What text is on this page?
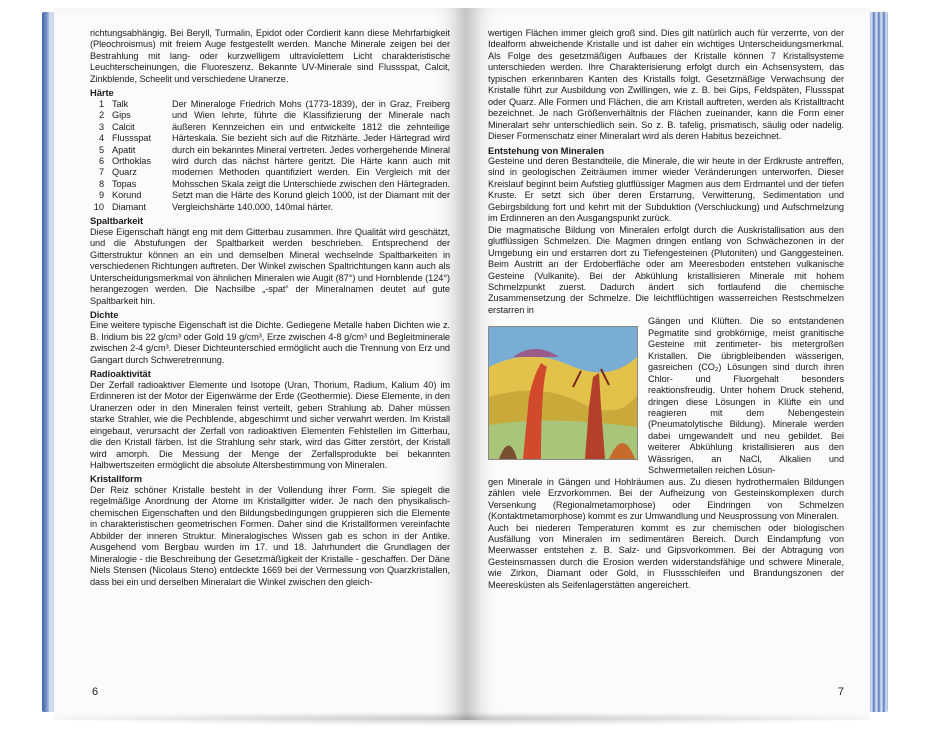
richtungsabhängig. Bei Beryll, Turmalin, Epidot oder Cordierit kann diese Mehrfarbigkeit (Pleochroismus) mit freiem Auge festgestellt werden. Manche Minerale zeigen bei der Bestrahlung mit lang- oder kurzwelligem ultraviolettem Licht charakteristische Leuchterscheinungen, die Fluoreszenz. Bekannte UV-Minerale sind Flussspat, Calcit, Zinkblende, Scheelit und verschiedene Uranerze.

Härte
1 Talk
2 Gips
3 Calcit
4 Flussspat
5 Apatit
6 Orthoklas
7 Quarz
8 Topas
9 Korund
10 Diamant

Der Mineraloge Friedrich Mohs (1773-1839), der in Graz, Freiberg und Wien lehrte, führte die Klassifizierung der Minerale nach äußeren Kennzeichen ein und entwickelte 1812 die zehnteilige Härteskala. Sie bezieht sich auf die Ritzhärte. Jeder Härtegrad wird durch ein bekanntes Mineral vertreten. Jedes vorhergehende Mineral wird durch das nächst härtere geritzt. Die Härte kann auch mit modernen Methoden quantifiziert werden. Ein Vergleich mit der Mohsschen Skala zeigt die Unterschiede zwischen den Härtegraden. Setzt man die Härte des Korund gleich 1000, ist der Diamant mit der Vergleichshärte 140.000, 140mal härter.

Spaltbarkeit

Diese Eigenschaft hängt eng mit dem Gitterbau zusammen. Ihre Qualität wird geschätzt, und die Abstufungen der Spaltbarkeit werden beschrieben. Entsprechend der Gitterstruktur können an ein und demselben Mineral wechselnde Spaltbarkeiten in verschiedenen Richtungen auftreten. Der Winkel zwischen Spaltrichtungen kann auch als Unterscheidungsmerkmal von ähnlichen Mineralen wie Augit (87°) und Hornblende (124°) herangezogen werden. Die Nachsilbe „-spat“ der Mineralnamen deutet auf gute Spaltbarkeit hin.

Dichte

Eine weitere typische Eigenschaft ist die Dichte. Gediegene Metalle haben Dichten wie z. B. Iridium bis 22 g/cm³ oder Gold 19 g/cm³, Erze zwischen 4-8 g/cm³ und Begleitminerale zwischen 2-4 g/cm³. Dieser Dichteunterschied ermöglicht auch die Trennung von Erz und Gangart durch Schweretrennung.

Radioaktivität

Der Zerfall radioaktiver Elemente und Isotope (Uran, Thorium, Radium, Kalium 40) im Erdinneren ist der Motor der Eigenwärme der Erde (Geothermie). Diese Elemente, in den Uranerzen oder in den Mineralen feinst verteilt, geben Strahlung ab. Daher müssen starke Strahler, wie die Pechblende, abgeschirmt und sicher verwahrt werden. Im Kristall eingebaut, verursacht der Zerfall von radioaktiven Elementen Fehlstellen im Gitterbau, die den Kristall färben. Ist die Strahlung sehr stark, wird das Gitter zerstört, der Kristall wird amorph. Die Messung der Menge der Zerfallsprodukte bei bekannten Halbwertszeiten ermöglicht die absolute Altersbestimmung von Mineralen.

Kristallform

Der Reiz schöner Kristalle besteht in der Vollendung ihrer Form. Sie spiegelt die regelmäßige Anordnung der Atome im Kristallgitter wider. Je nach den physikalisch-chemischen Eigenschaften und den Bildungsbedingungen gruppieren sich die Elemente in charakteristischen geometrischen Formen. Daher sind die Kristallformen vereinfachte Abbilder der inneren Struktur. Mineralogisches Wissen gab es schon in der Antike. Ausgehend vom Bergbau wurden im 17. und 18. Jahrhundert die Grundlagen der Mineralogie - die Beschreibung der Gesetzmäßigkeit der Kristalle - geschaffen. Der Däne Niels Stensen (Nicolaus Steno) entdeckte 1669 bei der Vermessung von Quarzkristallen, dass bei ein und derselben Mineralart die Winkel zwischen den gleich-

6

wertigen Flächen immer gleich groß sind. Dies gilt natürlich auch für verzerrte, von der Idealform abweichende Kristalle und ist daher ein wichtiges Unterscheidungsmerkmal. Als Folge des gesetzmäßigen Aufbaues der Kristalle können 7 Kristallsysteme unterschieden werden. Ihre Charakterisierung erfolgt durch ein Achsensystem, das typischen erkennbaren Kanten des Kristalls folgt. Gesetzmäßige Verwachsung der Kristalle führt zur Ausbildung von Zwillingen, wie z. B. bei Gips, Feldspäten, Flussspat oder Quarz. Alle Formen und Flächen, die am Kristall auftreten, werden als Kristalltracht bezeichnet. Je nach Größenverhältnis der Flächen zueinander, kann die Form einer Mineralart sehr unterschiedlich sein. So z. B. tafelig, prismatisch, säulig oder nadelig. Dieser Formenschatz einer Mineralart wird als deren Habitus bezeichnet.

Entstehung von Mineralen

Gesteine und deren Bestandteile, die Minerale, die wir heute in der Erdkruste antreffen, sind in geologischen Zeiträumen immer wieder Veränderungen unterworfen. Dieser Kreislauf beginnt beim Aufstieg glutflüssiger Magmen aus dem Erdmantel und der tiefen Kruste. Er setzt sich über deren Erstarrung, Verwitterung, Sedimentation und Gebirgsbildung fort und kehrt mit der Subduktion (Verschluckung) und Aufschmelzung im Erdinneren an den Ausgangspunkt zurück.

Die magmatische Bildung von Mineralen erfolgt durch die Auskristallisation aus den glutflüssigen Schmelzen. Die Magmen dringen entlang von Schwächezonen in der Umgebung ein und erstarren dort zu Tiefengesteinen (Plutoniten) und Ganggesteinen. Beim Austritt an der Erdoberfläche oder am Meeresboden entstehen vulkanische Gesteine (Vulkanite). Bei der Abkühlung kristallisieren Minerale mit hohem Schmelzpunkt zuerst. Dadurch ändert sich fortlaufend die chemische Zusammensetzung der Schmelze. Die leichtflüchtigen wasserreichen Restschmelzen erstarren in

Gängen und Klüften. Die so entstandenen Pegmatite sind grobkörnige, meist granitische Gesteine mit zentimeter- bis metergroßen Kristallen. Die übrigbleibenden wässerigen, gasreichen (CO₂) Lösungen sind durch ihren Chlor- und Fluorgehalt besonders reaktionsfreudig. Unter hohem Druck stehend, dringen diese Lösungen in Klüfte ein und reagieren mit dem Nebengestein (Pneumatolytische Bildung). Minerale werden dabei umgewandelt und neu gebildet. Bei weiterer Abkühlung kristallisieren aus den Wässrigen, an NaCl, Alkalien und Schwermetallen reichen Lösun-

gen Minerale in Gängen und Hohlräumen aus. Zu diesen hydrothermalen Bildungen zählen viele Erzvorkommen. Bei der Aufheizung von Gesteinskomplexen durch Versenkung (Regionalmetamorphose) oder Eindringen von Schmelzen (Kontaktmetamorphose) kommt es zur Umwandlung und Neusprossung von Mineralen.

Auch bei niederen Temperaturen kommt es zur chemischen oder biologischen Ausfällung von Mineralen im sedimentären Bereich. Durch Eindampfung von Meerwasser entstehen z. B. Salz- und Gipsvorkommen. Bei der Abtragung von Gesteinsmassen durch die Erosion werden widerstandsfähige und schwere Minerale, wie Zirkon, Diamant oder Gold, in Flussschleifen und Brandungszonen der Meeresküsten als Seifenlagerstätten angereichert.

7
